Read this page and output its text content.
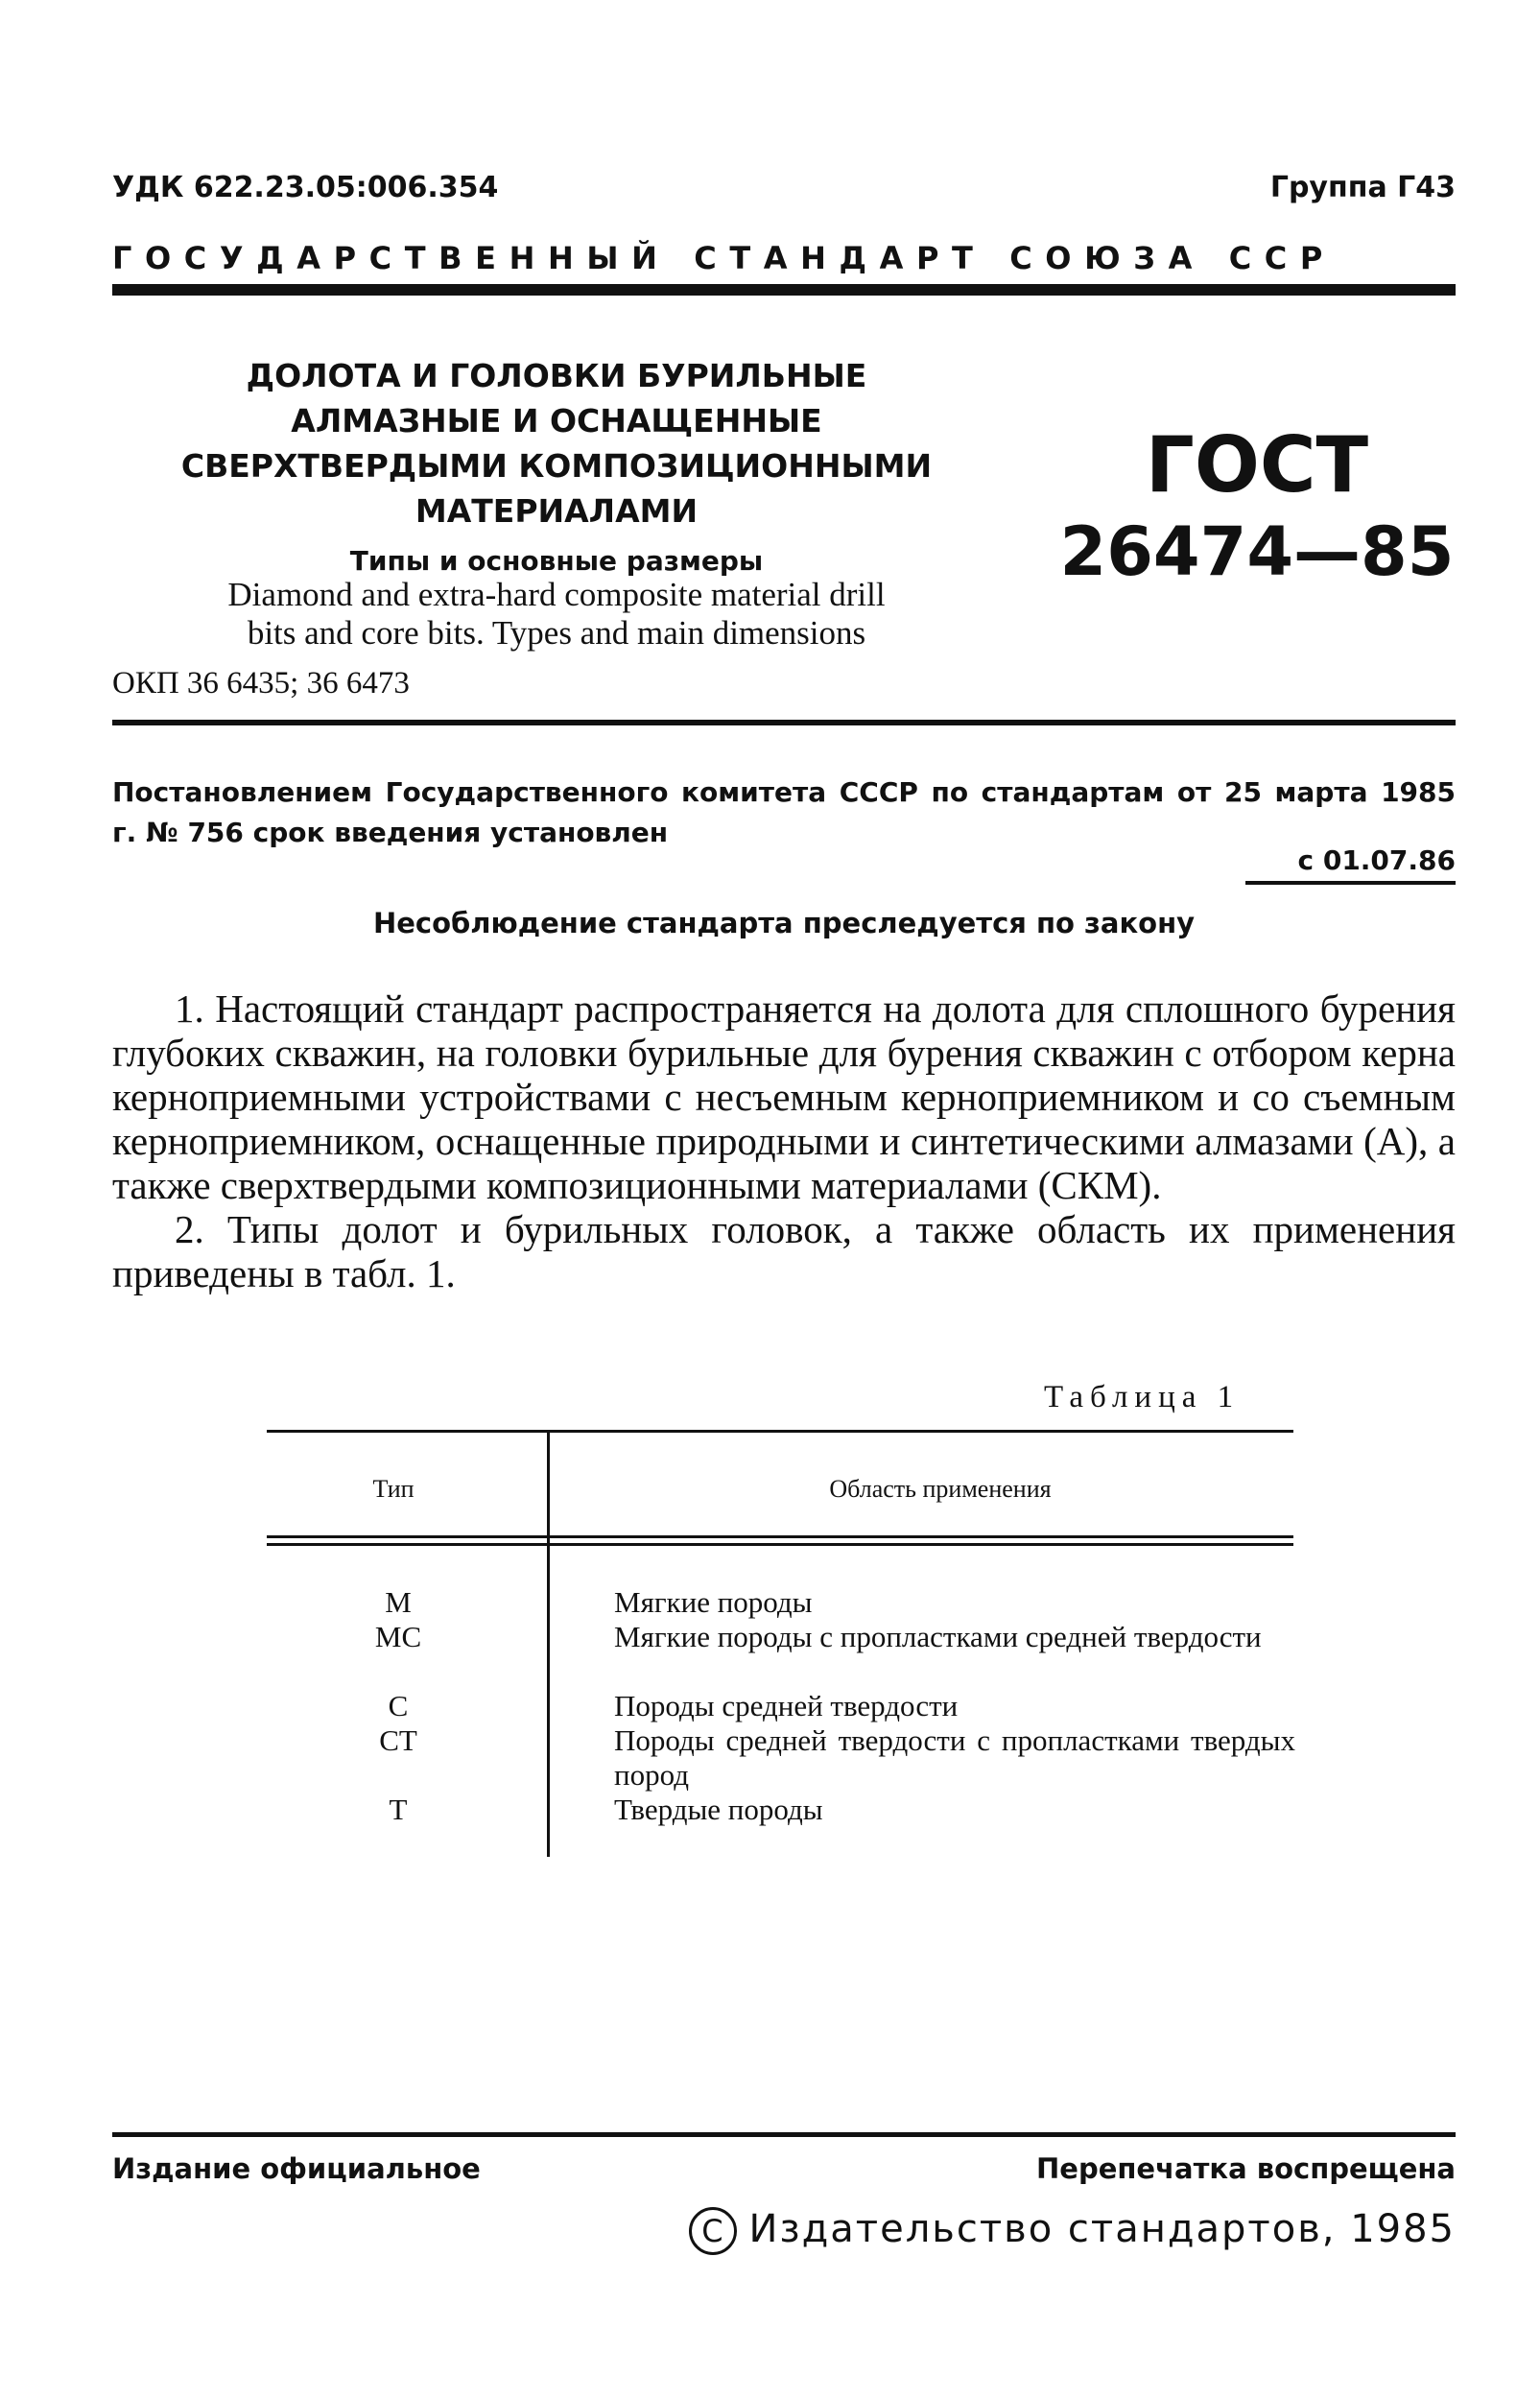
УДК 622.23.05:006.354	Группа Г43
ГОСУДАРСТВЕННЫЙ СТАНДАРТ СОЮЗА ССР
ДОЛОТА И ГОЛОВКИ БУРИЛЬНЫЕ
АЛМАЗНЫЕ И ОСНАЩЕННЫЕ
СВЕРХТВЕРДЫМИ КОМПОЗИЦИОННЫМИ
МАТЕРИАЛАМИ
Типы и основные размеры
Diamond and extra-hard composite material drill
bits and core bits. Types and main dimensions
ОКП 36 6435; 36 6473
ГОСТ
26474—85
Постановлением Государственного комитета СССР по стандартам от 25 марта 1985 г. № 756 срок введения установлен
с 01.07.86
Несоблюдение стандарта преследуется по закону

1. Настоящий стандарт распространяется на долота для сплошного бурения глубоких скважин, на головки бурильные для бурения скважин с отбором керна керноприемными устройствами с несъемным керноприемником и со съемным керноприемником, оснащенные природными и синтетическими алмазами (А), а также сверхтвердыми композиционными материалами (СКМ).

2. Типы долот и бурильных головок, а также область их применения приведены в табл. 1.

Таблица 1
Тип	Область применения
М	Мягкие породы
МС	Мягкие породы с пропластками средней твердости
С	Породы средней твердости
СТ	Породы средней твердости с пропластками твердых пород
Т	Твердые породы
Издание официальное	Перепечатка воспрещена
C Издательство стандартов, 1985
